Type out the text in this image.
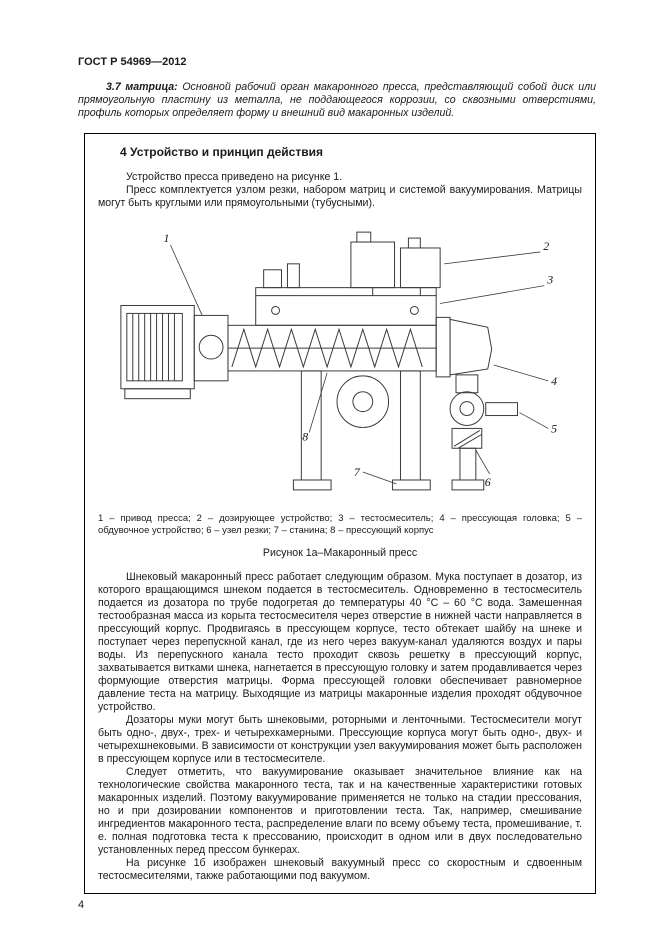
ГОСТ Р 54969—2012

3.7 матрица: Основной рабочий орган макаронного пресса, представляющий собой диск или прямоугольную пластину из металла, не поддающегося коррозии, со сквозными отверстиями, профиль которых определяет форму и внешний вид макаронных изделий.

4 Устройство и принцип действия

Устройство пресса приведено на рисунке 1.

Пресс комплектуется узлом резки, набором матриц и системой вакуумирования. Матрицы могут быть круглыми или прямоугольными (тубусными).

1
2
3
4
5
6
7
8

1 – привод пресса; 2 – дозирующее устройство; 3 – тестосмеситель; 4 – прессующая головка; 5 – обдувочное устройство; 6 – узел резки; 7 – станина; 8 – прессующий корпус

Рисунок 1а–Макаронный пресс

Шнековый макаронный пресс работает следующим образом. Мука поступает в дозатор, из которого вращающимся шнеком подается в тестосмеситель. Одновременно в тестосмеситель подается из дозатора по трубе подогретая до температуры 40 °С – 60 °С вода. Замешенная тестообразная масса из корыта тестосмесителя через отверстие в нижней части направляется в прессующий корпус. Продвигаясь в прессующем корпусе, тесто обтекает шайбу на шнеке и поступает через перепускной канал, где из него через вакуум-канал удаляются воздух и пары воды. Из перепускного канала тесто проходит сквозь решетку в прессующий корпус, захватывается витками шнека, нагнетается в прессующую головку и затем продавливается через формующие отверстия матрицы. Форма прессующей головки обеспечивает равномерное давление теста на матрицу. Выходящие из матрицы макаронные изделия проходят обдувочное устройство.

Дозаторы муки могут быть шнековыми, роторными и ленточными. Тестосмесители могут быть одно-, двух-, трех- и четырехкамерными. Прессующие корпуса могут быть одно-, двух- и четырехшнековыми. В зависимости от конструкции узел вакуумирования может быть расположен в прессующем корпусе или в тестосмесителе.

Следует отметить, что вакуумирование оказывает значительное влияние как на технологические свойства макаронного теста, так и на качественные характеристики готовых макаронных изделий. Поэтому вакуумирование применяется не только на стадии прессования, но и при дозировании компонентов и приготовлении теста. Так, например, смешивание ингредиентов макаронного теста, распределение влаги по всему объему теста, промешивание, т. е. полная подготовка теста к прессованию, происходит в одном или в двух последовательно установленных перед прессом бункерах.

На рисунке 1б изображен шнековый вакуумный пресс со скоростным и сдвоенным тестосмесителями, также работающими под вакуумом.

4
